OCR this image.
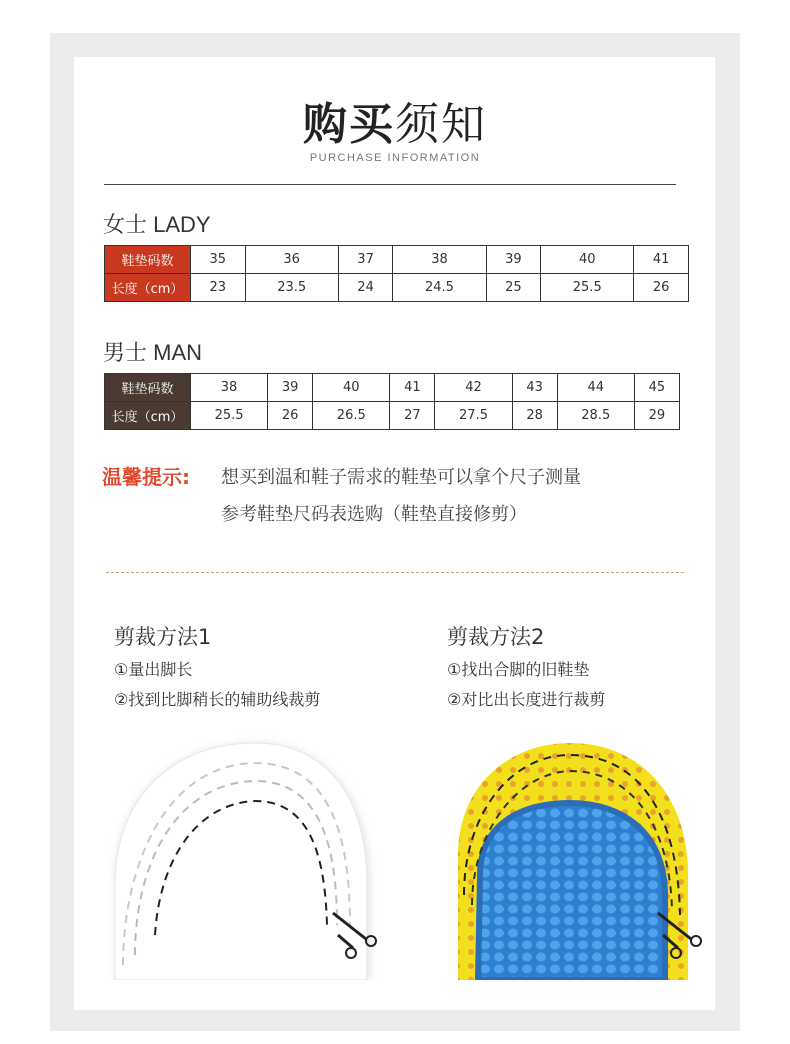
购买须知
PURCHASE INFORMATION
女士 LADY
鞋垫码数	35	36	37	38	39	40	41
长度（cm）	23	23.5	24	24.5	25	25.5	26
男士 MAN
鞋垫码数	38	39	40	41	42	43	44	45
长度（cm）	25.5	26	26.5	27	27.5	28	28.5	29
温馨提示: 想买到温和鞋子需求的鞋垫可以拿个尺子测量
参考鞋垫尺码表选购（鞋垫直接修剪）
剪裁方法1
①量出脚长
②找到比脚稍长的辅助线裁剪
剪裁方法2
①找出合脚的旧鞋垫
②对比出长度进行裁剪
